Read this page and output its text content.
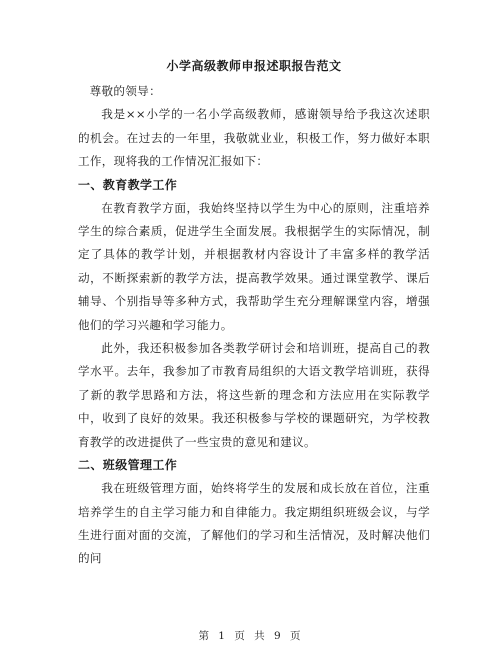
小学高级教师申报述职报告范文

尊敬的领导：

我是××小学的一名小学高级教师，感谢领导给予我这次述职的机会。在过去的一年里，我敬就业业，积极工作，努力做好本职工作，现将我的工作情况汇报如下：

一、教育教学工作

在教育教学方面，我始终坚持以学生为中心的原则，注重培养学生的综合素质，促进学生全面发展。我根据学生的实际情况，制定了具体的教学计划，并根据教材内容设计了丰富多样的教学活动，不断探索新的教学方法，提高教学效果。通过课堂教学、课后辅导、个别指导等多种方式，我帮助学生充分理解课堂内容，增强他们的学习兴趣和学习能力。

此外，我还积极参加各类教学研讨会和培训班，提高自己的教学水平。去年，我参加了市教育局组织的大语文教学培训班，获得了新的教学思路和方法，将这些新的理念和方法应用在实际教学中，收到了良好的效果。我还积极参与学校的课题研究，为学校教育教学的改进提供了一些宝贵的意见和建议。

二、班级管理工作

我在班级管理方面，始终将学生的发展和成长放在首位，注重培养学生的自主学习能力和自律能力。我定期组织班级会议，与学生进行面对面的交流，了解他们的学习和生活情况，及时解决他们的问

第 1 页 共 9 页
